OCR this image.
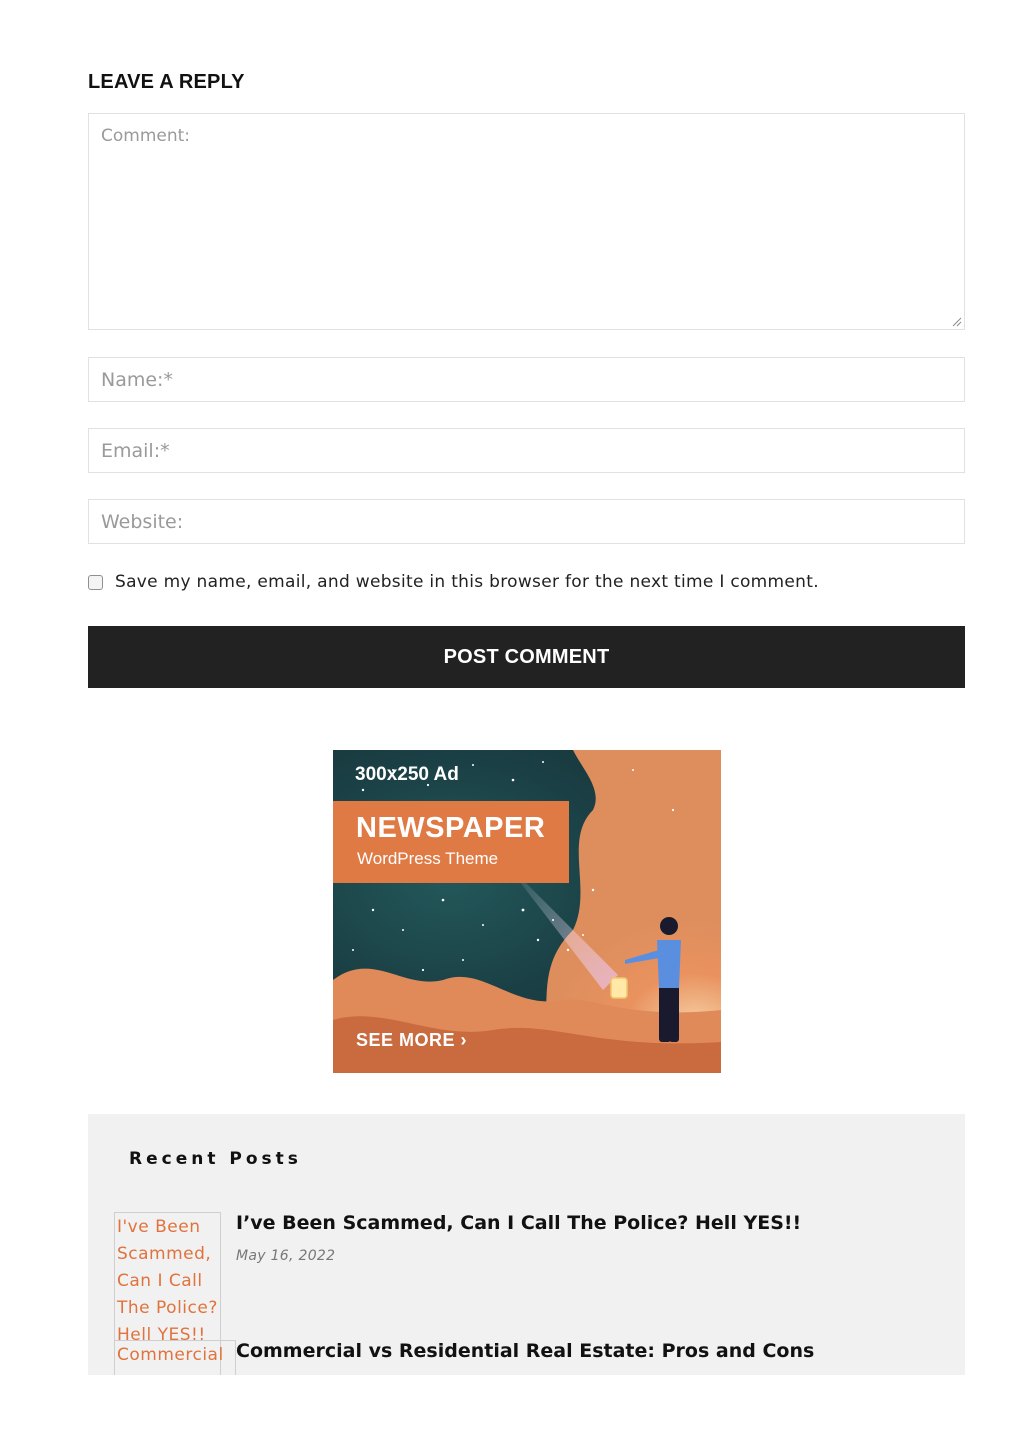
LEAVE A REPLY
Comment:
Name:*
Email:*
Website:
Save my name, email, and website in this browser for the next time I comment.
POST COMMENT
300x250 Ad
NEWSPAPER
WordPress Theme
SEE MORE ›
Recent Posts
I've Been Scammed, Can I Call The Police? Hell YES!!
I’ve Been Scammed, Can I Call The Police? Hell YES!!
May 16, 2022
Commercial Commercial vs Residential Real Estate: Pros and Cons
